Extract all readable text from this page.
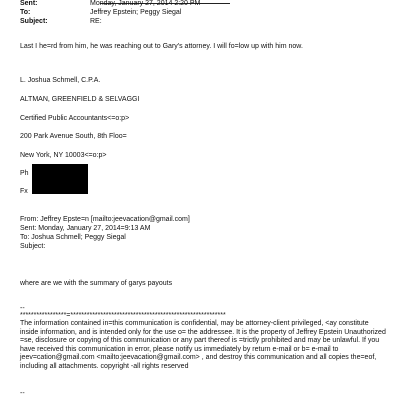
Sent:	Monday, January 27, 2014 2:20 PM
To:	Jeffrey Epstein; Peggy Siegal
Subject:	RE:
Last I he=rd from him, he was reaching out to Gary's attorney. I will fo=low up with him now.
L. Joshua Schmell, C.P.A.
ALTMAN, GREENFIELD & SELVAGGI
Certified Public Accountants<=o:p>
200 Park Avenue South, 8th Floo=
New York, NY 10003<=o:p>
Ph
Fx
From: Jeffrey Epste=n [mailto:jeevacation@gmail.com]
Sent: Monday, January 27, 2014=9:13 AM
To: Joshua Schmell; Peggy Siegal
Subject:
where are we with the summary of garys payouts
--
*****************=*********************************************************
The information contained in=this communication is confidential, may be attorney-client privileged, <ay constitute
inside information, and is intended only for the use o= the addressee. It is the property of Jeffrey Epstein Unauthorized
=se, disclosure or copying of this communication or any part thereof is =trictly prohibited and may be unlawful. If you
have received this communication in error, please notify us immediately by return e-mail or b= e-mail to
jeev=cation@gmail.com <mailto:jeevacation@gmail.com> , and destroy this communication and all copies the=eof,
including all attachments. copyright -all rights reserved
--
